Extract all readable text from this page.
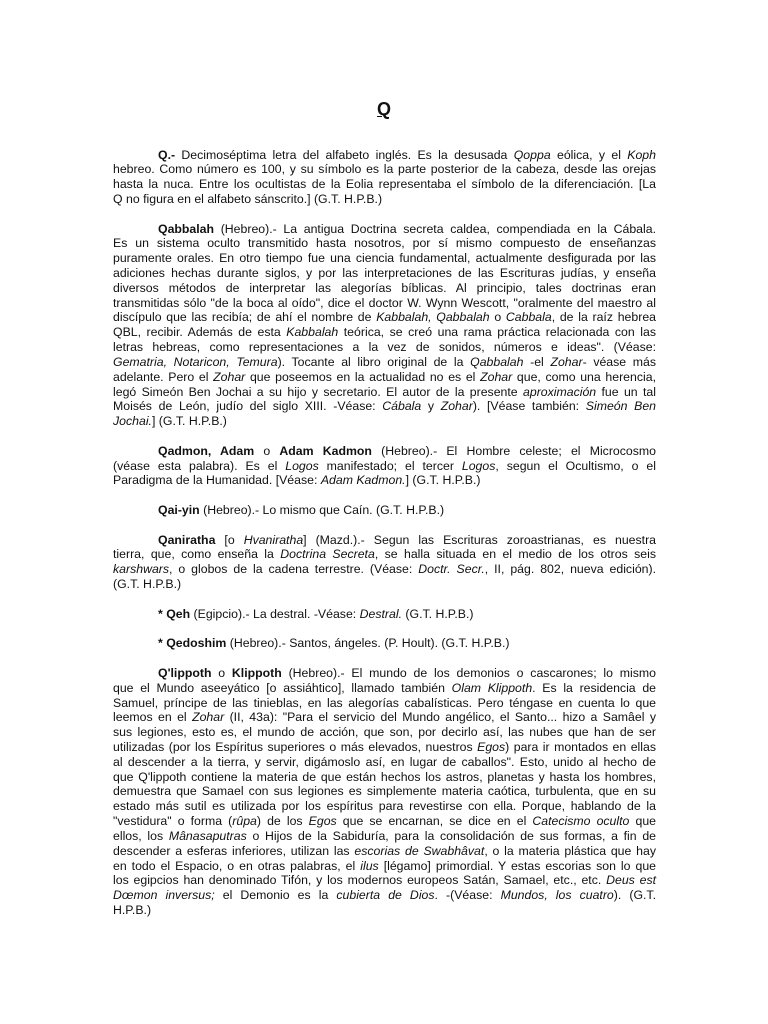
Q
Q.- Decimoséptima letra del alfabeto inglés. Es la desusada Qoppa eólica, y el Koph
hebreo. Como número es 100, y su símbolo es la parte posterior de la cabeza, desde las orejas
hasta la nuca. Entre los ocultistas de la Eolia representaba el símbolo de la diferenciación. [La
Q no figura en el alfabeto sánscrito.] (G.T. H.P.B.)
Qabbalah (Hebreo).- La antigua Doctrina secreta caldea, compendiada en la Cábala.
Es un sistema oculto transmitido hasta nosotros, por sí mismo compuesto de enseñanzas
puramente orales. En otro tiempo fue una ciencia fundamental, actualmente desfigurada por las
adiciones hechas durante siglos, y por las interpretaciones de las Escrituras judías, y enseña
diversos métodos de interpretar las alegorías bíblicas. Al principio, tales doctrinas eran
transmitidas sólo "de la boca al oído", dice el doctor W. Wynn Wescott, "oralmente del maestro al
discípulo que las recibía; de ahí el nombre de Kabbalah, Qabbalah o Cabbala, de la raíz hebrea
QBL, recibir. Además de esta Kabbalah teórica, se creó una rama práctica relacionada con las
letras hebreas, como representaciones a la vez de sonidos, números e ideas". (Véase:
Gematria, Notaricon, Temura). Tocante al libro original de la Qabbalah -el Zohar- véase más
adelante. Pero el Zohar que poseemos en la actualidad no es el Zohar que, como una herencia,
legó Simeón Ben Jochai a su hijo y secretario. El autor de la presente aproximación fue un tal
Moisés de León, judío del siglo XIII. -Véase: Cábala y Zohar). [Véase también: Simeón Ben
Jochai.] (G.T. H.P.B.)
Qadmon, Adam o Adam Kadmon (Hebreo).- El Hombre celeste; el Microcosmo
(véase esta palabra). Es el Logos manifestado; el tercer Logos, segun el Ocultismo, o el
Paradigma de la Humanidad. [Véase: Adam Kadmon.] (G.T. H.P.B.)
Qai-yin (Hebreo).- Lo mismo que Caín. (G.T. H.P.B.)
Qaniratha [o Hvaniratha] (Mazd.).- Segun las Escrituras zoroastrianas, es nuestra
tierra, que, como enseña la Doctrina Secreta, se halla situada en el medio de los otros seis
karshwars, o globos de la cadena terrestre. (Véase: Doctr. Secr., II, pág. 802, nueva edición).
(G.T. H.P.B.)
* Qeh (Egipcio).- La destral. -Véase: Destral. (G.T. H.P.B.)
* Qedoshim (Hebreo).- Santos, ángeles. (P. Hoult). (G.T. H.P.B.)
Q'lippoth o Klippoth (Hebreo).- El mundo de los demonios o cascarones; lo mismo
que el Mundo aseeyático [o assiáhtico], llamado también Olam Klippoth. Es la residencia de
Samuel, príncipe de las tinieblas, en las alegorías cabalísticas. Pero téngase en cuenta lo que
leemos en el Zohar (II, 43a): "Para el servicio del Mundo angélico, el Santo... hizo a Samâel y
sus legiones, esto es, el mundo de acción, que son, por decirlo así, las nubes que han de ser
utilizadas (por los Espíritus superiores o más elevados, nuestros Egos) para ir montados en ellas
al descender a la tierra, y servir, digámoslo así, en lugar de caballos". Esto, unido al hecho de
que Q'lippoth contiene la materia de que están hechos los astros, planetas y hasta los hombres,
demuestra que Samael con sus legiones es simplemente materia caótica, turbulenta, que en su
estado más sutil es utilizada por los espíritus para revestirse con ella. Porque, hablando de la
"vestidura" o forma (rûpa) de los Egos que se encarnan, se dice en el Catecismo oculto que
ellos, los Mânasaputras o Hijos de la Sabiduría, para la consolidación de sus formas, a fin de
descender a esferas inferiores, utilizan las escorias de Swabhâvat, o la materia plástica que hay
en todo el Espacio, o en otras palabras, el ilus [légamo] primordial. Y estas escorias son lo que
los egipcios han denominado Tifón, y los modernos europeos Satán, Samael, etc., etc. Deus est
Dœmon inversus; el Demonio es la cubierta de Dios. -(Véase: Mundos, los cuatro). (G.T.
H.P.B.)
